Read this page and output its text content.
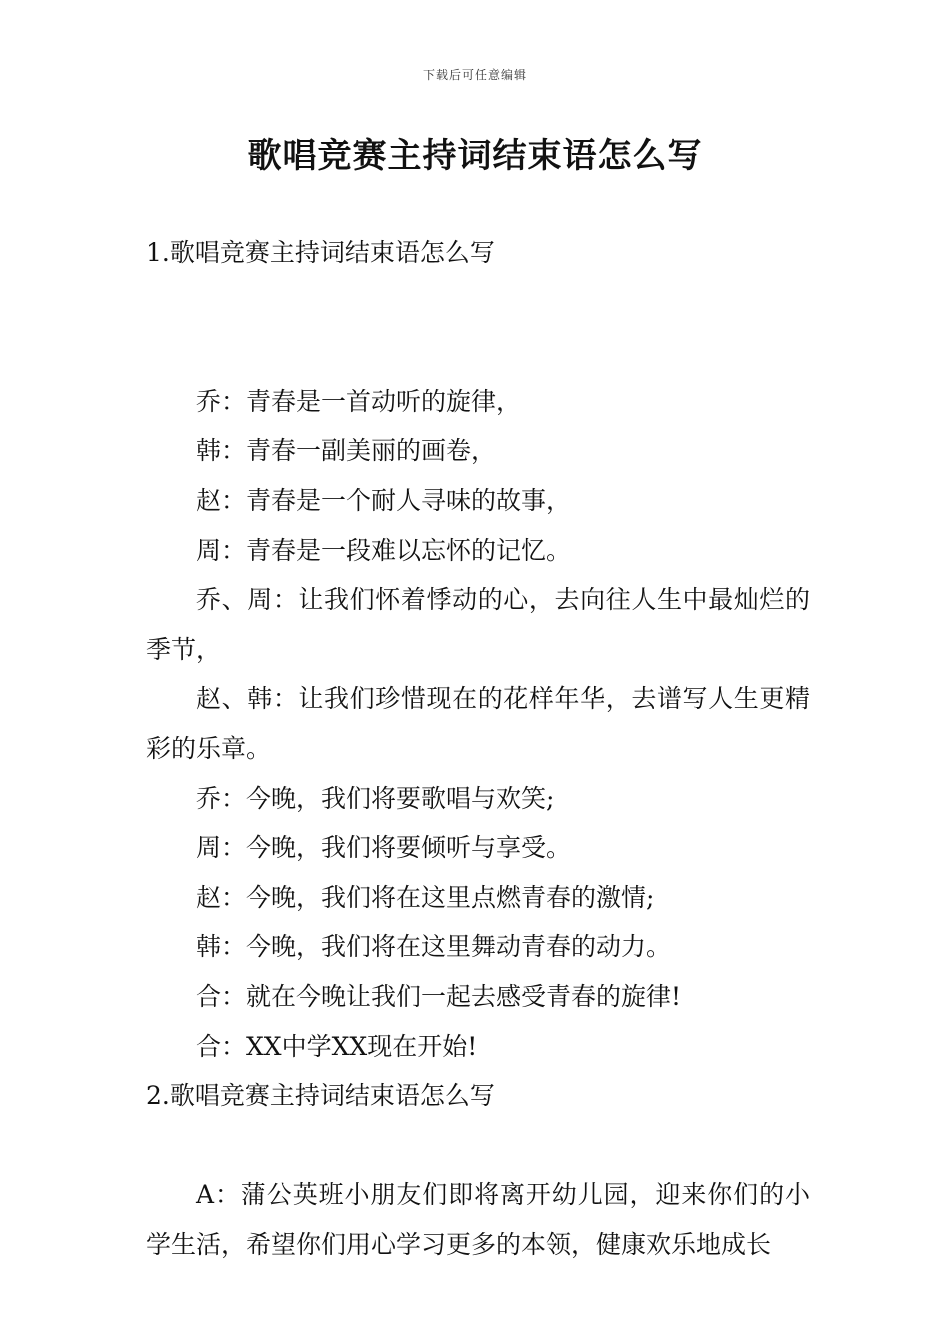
下载后可任意编辑
歌唱竞赛主持词结束语怎么写
1.歌唱竞赛主持词结束语怎么写

乔：青春是一首动听的旋律，

韩：青春一副美丽的画卷，

赵：青春是一个耐人寻味的故事，

周：青春是一段难以忘怀的记忆。

乔、周：让我们怀着悸动的心，去向往人生中最灿烂的季节，

赵、韩：让我们珍惜现在的花样年华，去谱写人生更精彩的乐章。

乔：今晚，我们将要歌唱与欢笑;

周：今晚，我们将要倾听与享受。

赵：今晚，我们将在这里点燃青春的激情;

韩：今晚，我们将在这里舞动青春的动力。

合：就在今晚让我们一起去感受青春的旋律!

合：XX中学XX现在开始!

2.歌唱竞赛主持词结束语怎么写

A：蒲公英班小朋友们即将离开幼儿园，迎来你们的小学生活，希望你们用心学习更多的本领，健康欢乐地成长
